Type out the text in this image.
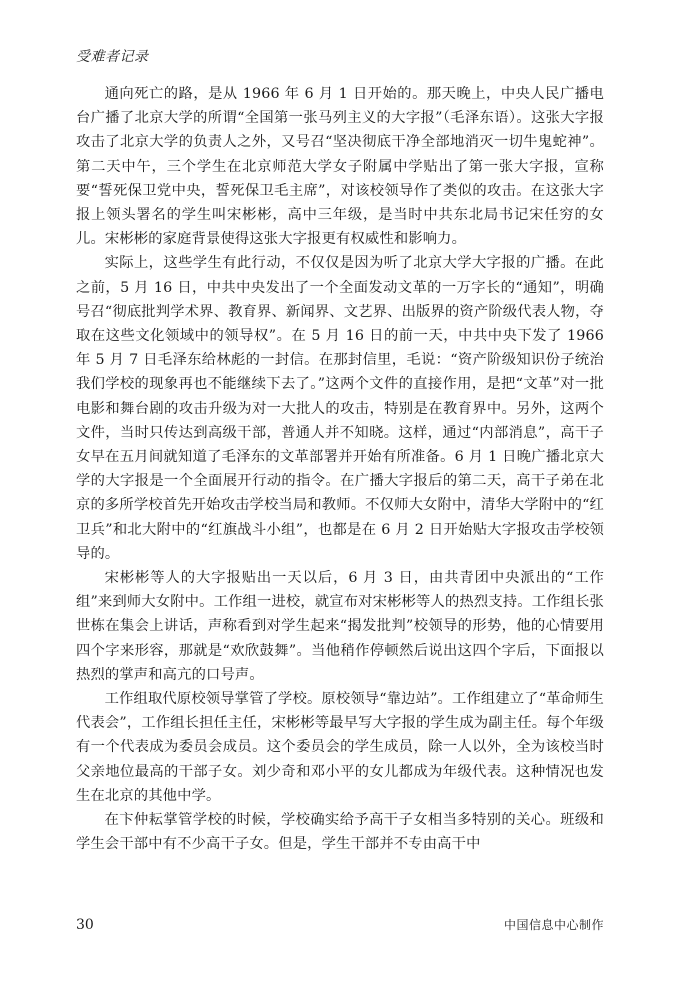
受难者记录

通向死亡的路，是从 1966 年 6 月 1 日开始的。那天晚上，中央人民广播电台广播了北京大学的所谓“全国第一张马列主义的大字报”（毛泽东语）。这张大字报攻击了北京大学的负责人之外，又号召“坚决彻底干净全部地消灭一切牛鬼蛇神”。第二天中午，三个学生在北京师范大学女子附属中学贴出了第一张大字报，宣称要“誓死保卫党中央，誓死保卫毛主席”，对该校领导作了类似的攻击。在这张大字报上领头署名的学生叫宋彬彬，高中三年级，是当时中共东北局书记宋任穷的女儿。宋彬彬的家庭背景使得这张大字报更有权威性和影响力。

实际上，这些学生有此行动，不仅仅是因为听了北京大学大字报的广播。在此之前，5 月 16 日，中共中央发出了一个全面发动文革的一万字长的“通知”，明确号召“彻底批判学术界、教育界、新闻界、文艺界、出版界的资产阶级代表人物，夺取在这些文化领域中的领导权”。在 5 月 16 日的前一天，中共中央下发了 1966 年 5 月 7 日毛泽东给林彪的一封信。在那封信里，毛说：“资产阶级知识份子统治我们学校的现象再也不能继续下去了。”这两个文件的直接作用，是把“文革”对一批电影和舞台剧的攻击升级为对一大批人的攻击，特别是在教育界中。另外，这两个文件，当时只传达到高级干部，普通人并不知晓。这样，通过“内部消息”，高干子女早在五月间就知道了毛泽东的文革部署并开始有所准备。6 月 1 日晚广播北京大学的大字报是一个全面展开行动的指令。在广播大字报后的第二天，高干子弟在北京的多所学校首先开始攻击学校当局和教师。不仅师大女附中，清华大学附中的“红卫兵”和北大附中的“红旗战斗小组”，也都是在 6 月 2 日开始贴大字报攻击学校领导的。

宋彬彬等人的大字报贴出一天以后，6 月 3 日，由共青团中央派出的“工作组”来到师大女附中。工作组一进校，就宣布对宋彬彬等人的热烈支持。工作组长张世栋在集会上讲话，声称看到对学生起来“揭发批判”校领导的形势，他的心情要用四个字来形容，那就是“欢欣鼓舞”。当他稍作停顿然后说出这四个字后，下面报以热烈的掌声和高亢的口号声。

工作组取代原校领导掌管了学校。原校领导“靠边站”。工作组建立了“革命师生代表会”，工作组长担任主任，宋彬彬等最早写大字报的学生成为副主任。每个年级有一个代表成为委员会成员。这个委员会的学生成员，除一人以外，全为该校当时父亲地位最高的干部子女。刘少奇和邓小平的女儿都成为年级代表。这种情况也发生在北京的其他中学。

在卞仲耘掌管学校的时候，学校确实给予高干子女相当多特别的关心。班级和学生会干部中有不少高干子女。但是，学生干部并不专由高干中

30	中国信息中心制作
